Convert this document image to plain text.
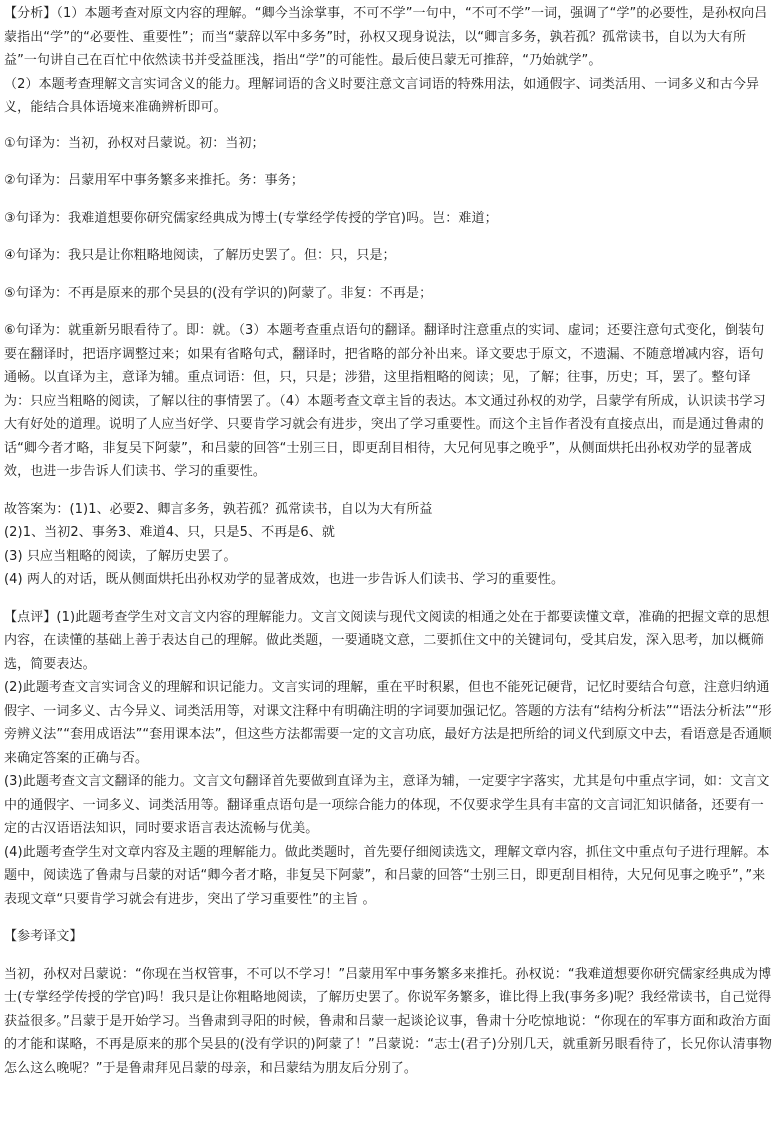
【分析】（1）本题考查对原文内容的理解。“卿今当涂掌事，不可不学”一句中，“不可不学”一词，强调了“学”的必要性，是孙权向吕蒙指出“学”的“必要性、重要性”；而当“蒙辞以军中多务”时，孙权又现身说法，以“卿言多务，孰若孤？孤常读书，自以为大有所益”一句讲自己在百忙中依然读书并受益匪浅，指出“学”的可能性。最后使吕蒙无可推辞，“乃始就学”。

（2）本题考查理解文言实词含义的能力。理解词语的含义时要注意文言词语的特殊用法，如通假字、词类活用、一词多义和古今异义，能结合具体语境来准确辨析即可。

①句译为：当初，孙权对吕蒙说。初：当初；

②句译为：吕蒙用军中事务繁多来推托。务：事务；

③句译为：我难道想要你研究儒家经典成为博士(专掌经学传授的学官)吗。岂：难道；

④句译为：我只是让你粗略地阅读，了解历史罢了。但：只，只是；

⑤句译为：不再是原来的那个吴县的(没有学识的)阿蒙了。非复：不再是；

⑥句译为：就重新另眼看待了。即：就。（3）本题考查重点语句的翻译。翻译时注意重点的实词、虚词；还要注意句式变化，倒装句要在翻译时，把语序调整过来；如果有省略句式，翻译时，把省略的部分补出来。译文要忠于原文，不遗漏、不随意增减内容，语句通畅。以直译为主，意译为辅。重点词语：但，只，只是；涉猎，这里指粗略的阅读；见，了解；往事，历史；耳，罢了。整句译为：只应当粗略的阅读，了解以往的事情罢了。（4）本题考查文章主旨的表达。本文通过孙权的劝学，吕蒙学有所成，认识读书学习大有好处的道理。说明了人应当好学、只要肯学习就会有进步，突出了学习重要性。而这个主旨作者没有直接点出，而是通过鲁肃的话“卿今者才略，非复吴下阿蒙”，和吕蒙的回答“士别三日，即更刮目相待，大兄何见事之晚乎”，从侧面烘托出孙权劝学的显著成效，也进一步告诉人们读书、学习的重要性。

故答案为：(1)1、必要2、卿言多务，孰若孤？孤常读书，自以为大有所益

(2)1、当初2、事务3、难道4、只，只是5、不再是6、就

(3) 只应当粗略的阅读，了解历史罢了。

(4) 两人的对话，既从侧面烘托出孙权劝学的显著成效，也进一步告诉人们读书、学习的重要性。

【点评】(1)此题考查学生对文言文内容的理解能力。文言文阅读与现代文阅读的相通之处在于都要读懂文章，准确的把握文章的思想内容，在读懂的基础上善于表达自己的理解。做此类题，一要通晓文意，二要抓住文中的关键词句，受其启发，深入思考，加以概筛选，简要表达。

(2)此题考查文言实词含义的理解和识记能力。文言实词的理解，重在平时积累，但也不能死记硬背，记忆时要结合句意，注意归纳通假字、一词多义、古今异义、词类活用等，对课文注释中有明确注明的字词要加强记忆。答题的方法有“结构分析法”“语法分析法”“形旁辨义法”“套用成语法”“套用课本法”，但这些方法都需要一定的文言功底，最好方法是把所给的词义代到原文中去，看语意是否通顺来确定答案的正确与否。

(3)此题考查文言文翻译的能力。文言文句翻译首先要做到直译为主，意译为辅，一定要字字落实，尤其是句中重点字词，如：文言文中的通假字、一词多义、词类活用等。翻译重点语句是一项综合能力的体现，不仅要求学生具有丰富的文言词汇知识储备，还要有一定的古汉语语法知识，同时要求语言表达流畅与优美。

(4)此题考查学生对文章内容及主题的理解能力。做此类题时，首先要仔细阅读选文，理解文章内容，抓住文中重点句子进行理解。本题中，阅读选了鲁肃与吕蒙的对话“卿今者才略，非复吴下阿蒙”，和吕蒙的回答“士别三日，即更刮目相待，大兄何见事之晚乎”，”来表现文章“只要肯学习就会有进步，突出了学习重要性”的主旨 。

【参考译文】

当初，孙权对吕蒙说：“你现在当权管事，不可以不学习！”吕蒙用军中事务繁多来推托。孙权说：“我难道想要你研究儒家经典成为博士(专掌经学传授的学官)吗！我只是让你粗略地阅读，了解历史罢了。你说军务繁多，谁比得上我(事务多)呢？我经常读书，自己觉得获益很多。”吕蒙于是开始学习。当鲁肃到寻阳的时候，鲁肃和吕蒙一起谈论议事，鲁肃十分吃惊地说：“你现在的军事方面和政治方面的才能和谋略，不再是原来的那个吴县的(没有学识的)阿蒙了！”吕蒙说：“志士(君子)分别几天，就重新另眼看待了，长兄你认清事物怎么这么晚呢？”于是鲁肃拜见吕蒙的母亲，和吕蒙结为朋友后分别了。
